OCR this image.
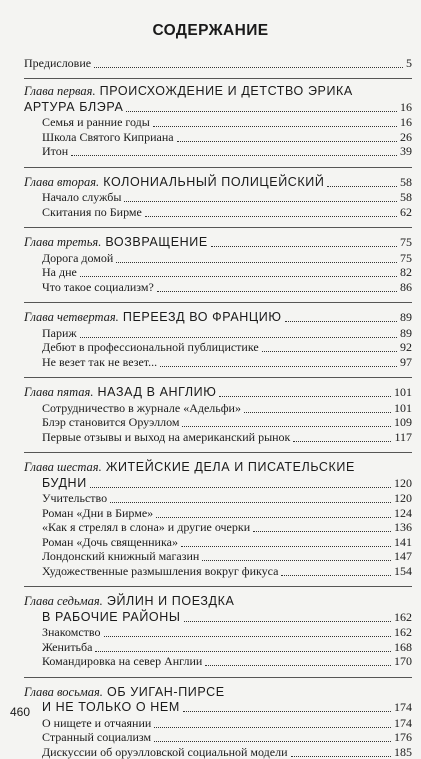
СОДЕРЖАНИЕ
Предисловие	5
Глава первая. ПРОИСХОЖДЕНИЕ И ДЕТСТВО ЭРИКА
АРТУРА БЛЭРА	16
Семья и ранние годы	16
Школа Святого Киприана	26
Итон	39
Глава вторая. КОЛОНИАЛЬНЫЙ ПОЛИЦЕЙСКИЙ	58
Начало службы	58
Скитания по Бирме	62
Глава третья. ВОЗВРАЩЕНИЕ	75
Дорога домой	75
На дне	82
Что такое социализм?	86
Глава четвертая. ПЕРЕЕЗД ВО ФРАНЦИЮ	89
Париж	89
Дебют в профессиональной публицистике	92
Не везет так не везет...	97
Глава пятая. НАЗАД В АНГЛИЮ	101
Сотрудничество в журнале «Адельфи»	101
Блэр становится Оруэллом	109
Первые отзывы и выход на американский рынок	117
Глава шестая. ЖИТЕЙСКИЕ ДЕЛА И ПИСАТЕЛЬСКИЕ
БУДНИ	120
Учительство	120
Роман «Дни в Бирме»	124
«Как я стрелял в слона» и другие очерки	136
Роман «Дочь священника»	141
Лондонский книжный магазин	147
Художественные размышления вокруг фикуса	154
Глава седьмая. ЭЙЛИН И ПОЕЗДКА
В РАБОЧИЕ РАЙОНЫ	162
Знакомство	162
Женитьба	168
Командировка на север Англии	170
Глава восьмая. ОБ УИГАН-ПИРСЕ
И НЕ ТОЛЬКО О НЕМ	174
О нищете и отчаянии	174
Странный социализм	176
Дискуссии об оруэлловской социальной модели	185
460
